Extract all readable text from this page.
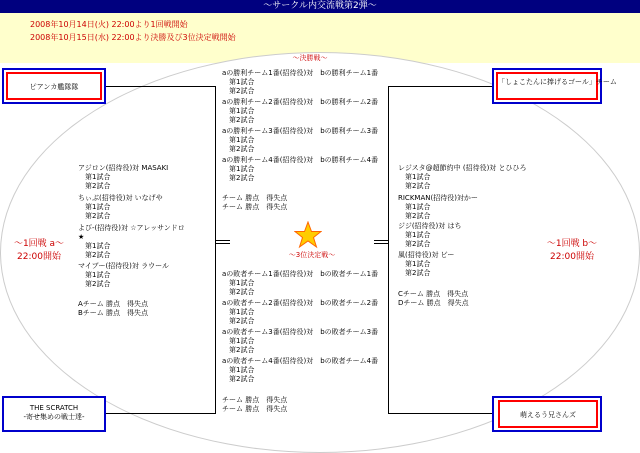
～サークル内交流戦第2弾～
2008年10月14日(火) 22:00より1回戦開始
2008年10月15日(水) 22:00より決勝及び3位決定戦開始
ピアンカ艦隊隊
「しょこたんに捧げるゴール」チーム
THE SCRATCH
-寄せ集めの戦士達-	萌えるう兄さんズ
～決勝戦～
～3位決定戦～
～1回戦 a～
22:00開始
～1回戦 b～
22:00開始
アジロン(招待役)対 MASAKI
　第1試合
　第2試合
ちぃぶ(招待役)対 いなげや
　第1試合
　第2試合
よび-(招待役)対 ☆アレッサンドロ
★
　第1試合
　第2試合
マイブー(招待役)対 ラウール
　第1試合
　第2試合
Aチーム 勝点　得失点
Bチーム 勝点　得失点
レジスタ@超節約中 (招待役)対 とひひろ
　第1試合
　第2試合
RICKMAN(招待役)対かー
　第1試合
　第2試合
ジジ(招待役)対 はち
　第1試合
　第2試合
風(招待役)対 ビー
　第1試合
　第2試合
Cチーム 勝点　得失点
Dチーム 勝点　得失点
aの勝利チーム1番(招待役)対　bの勝利チーム1番
　第1試合
　第2試合
aの勝利チーム2番(招待役)対　bの勝利チーム2番
　第1試合
　第2試合
aの勝利チーム3番(招待役)対　bの勝利チーム3番
　第1試合
　第2試合
aの勝利チーム4番(招待役)対　bの勝利チーム4番
　第1試合
　第2試合
チーム 勝点　得失点
チーム 勝点　得失点
aの敗者チーム1番(招待役)対　bの敗者チーム1番
　第1試合
　第2試合
aの敗者チーム2番(招待役)対　bの敗者チーム2番
　第1試合
　第2試合
aの敗者チーム3番(招待役)対　bの敗者チーム3番
　第1試合
　第2試合
aの敗者チーム4番(招待役)対　bの敗者チーム4番
　第1試合
　第2試合
チーム 勝点　得失点
チーム 勝点　得失点
